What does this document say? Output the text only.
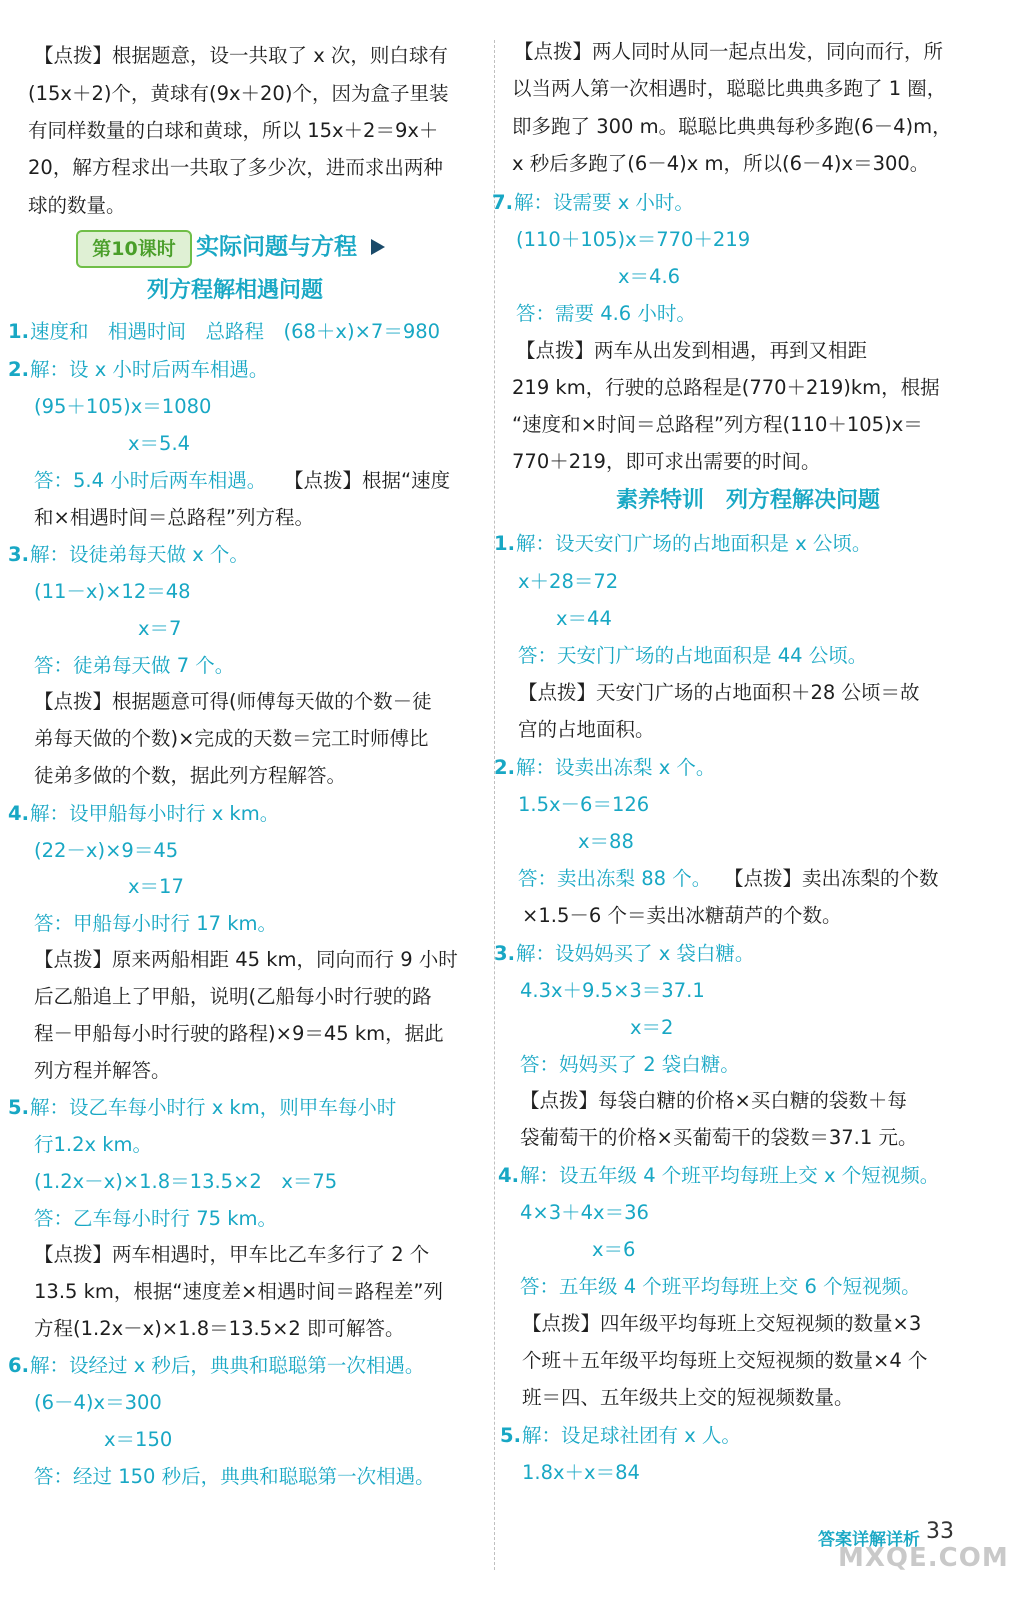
【点拨】根据题意，设一共取了 x 次，则白球有
(15x＋2)个，黄球有(9x＋20)个，因为盒子里装
有同样数量的白球和黄球，所以 15x＋2＝9x＋
20，解方程求出一共取了多少次，进而求出两种
球的数量。
第10课时 实际问题与方程
列方程解相遇问题
1. 速度和　相遇时间　总路程　(68＋x)×7＝980
2. 解：设 x 小时后两车相遇。
(95＋105)x＝1080
x＝5.4
答：5.4 小时后两车相遇。 【点拨】根据“速度
和×相遇时间＝总路程”列方程。
3. 解：设徒弟每天做 x 个。
(11－x)×12＝48
x＝7
答：徒弟每天做 7 个。
【点拨】根据题意可得(师傅每天做的个数－徒
弟每天做的个数)×完成的天数＝完工时师傅比
徒弟多做的个数，据此列方程解答。
4. 解：设甲船每小时行 x km。
(22－x)×9＝45
x＝17
答：甲船每小时行 17 km。
【点拨】原来两船相距 45 km，同向而行 9 小时
后乙船追上了甲船，说明(乙船每小时行驶的路
程－甲船每小时行驶的路程)×9＝45 km，据此
列方程并解答。
5. 解：设乙车每小时行 x km，则甲车每小时
行1.2x km。
(1.2x－x)×1.8＝13.5×2　x＝75
答：乙车每小时行 75 km。
【点拨】两车相遇时，甲车比乙车多行了 2 个
13.5 km，根据“速度差×相遇时间＝路程差”列
方程(1.2x－x)×1.8＝13.5×2 即可解答。
6. 解：设经过 x 秒后，典典和聪聪第一次相遇。
(6－4)x＝300
x＝150
答：经过 150 秒后，典典和聪聪第一次相遇。
【点拨】两人同时从同一起点出发，同向而行，所
以当两人第一次相遇时，聪聪比典典多跑了 1 圈，
即多跑了 300 m。聪聪比典典每秒多跑(6－4)m，
x 秒后多跑了(6－4)x m，所以(6－4)x＝300。
7. 解：设需要 x 小时。
(110＋105)x＝770＋219
x＝4.6
答：需要 4.6 小时。
【点拨】两车从出发到相遇，再到又相距
219 km，行驶的总路程是(770＋219)km，根据
“速度和×时间＝总路程”列方程(110＋105)x＝
770＋219，即可求出需要的时间。
素养特训　列方程解决问题
1. 解：设天安门广场的占地面积是 x 公顷。
x＋28＝72
x＝44
答：天安门广场的占地面积是 44 公顷。
【点拨】天安门广场的占地面积＋28 公顷＝故
宫的占地面积。
2. 解：设卖出冻梨 x 个。
1.5x－6＝126
x＝88
答：卖出冻梨 88 个。 【点拨】卖出冻梨的个数
×1.5－6 个＝卖出冰糖葫芦的个数。
3. 解：设妈妈买了 x 袋白糖。
4.3x＋9.5×3＝37.1
x＝2
答：妈妈买了 2 袋白糖。
【点拨】每袋白糖的价格×买白糖的袋数＋每
袋葡萄干的价格×买葡萄干的袋数＝37.1 元。
4. 解：设五年级 4 个班平均每班上交 x 个短视频。
4×3＋4x＝36
x＝6
答：五年级 4 个班平均每班上交 6 个短视频。
【点拨】四年级平均每班上交短视频的数量×3
个班＋五年级平均每班上交短视频的数量×4 个
班＝四、五年级共上交的短视频数量。
5. 解：设足球社团有 x 人。
1.8x＋x＝84
答案详解详析 33
MXQE.COM
